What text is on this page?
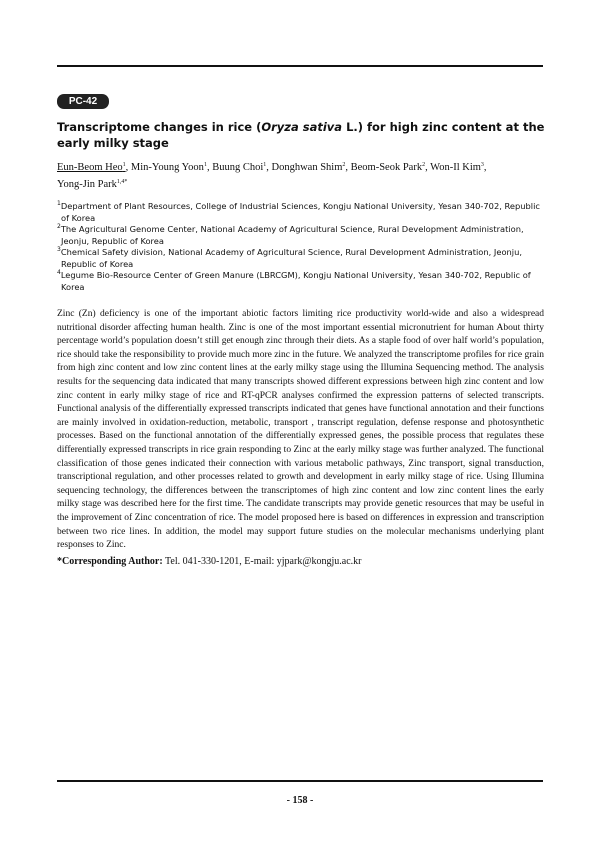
PC-42
Transcriptome changes in rice (Oryza sativa L.) for high zinc content at the early milky stage
Eun-Beom Heo$^1$, Min-Young Yoon$^1$, Buung Choi$^1$, Donghwan Shim$^2$, Beom-Seok Park$^2$, Won-Il Kim$^3$, Yong-Jin Park$^{1,4*}$

$^1$Department of Plant Resources, College of Industrial Sciences, Kongju National University, Yesan 340-702, Republic of Korea

$^2$The Agricultural Genome Center, National Academy of Agricultural Science, Rural Development Administration, Jeonju, Republic of Korea

$^3$Chemical Safety division, National Academy of Agricultural Science, Rural Development Administration, Jeonju, Republic of Korea

$^4$Legume Bio-Resource Center of Green Manure (LBRCGM), Kongju National University, Yesan 340-702, Republic of Korea

Zinc (Zn) deficiency is one of the important abiotic factors limiting rice productivity world-wide and also a widespread nutritional disorder affecting human health. Zinc is one of the most important essential micronutrient for human About thirty percentage world’s population doesn’t still get enough zinc through their diets. As a staple food of over half world’s population, rice should take the responsibility to provide much more zinc in the future. We analyzed the transcriptome profiles for rice grain from high zinc content and low zinc content lines at the early milky stage using the Illumina Sequencing method. The analysis results for the sequencing data indicated that many transcripts showed different expressions between high zinc content and low zinc content in early milky stage of rice and RT-qPCR analyses confirmed the expression patterns of selected transcripts. Functional analysis of the differentially expressed transcripts indicated that genes have functional annotation and their functions are mainly involved in oxidation-reduction, metabolic, transport , transcript regulation, defense response and photosynthetic processes. Based on the functional annotation of the differentially expressed genes, the possible process that regulates these differentially expressed transcripts in rice grain responding to Zinc at the early milky stage was further analyzed. The functional classification of those genes indicated their connection with various metabolic pathways, Zinc transport, signal transduction, transcriptional regulation, and other processes related to growth and development in early milky stage of rice. Using Illumina sequencing technology, the differences between the transcriptomes of high zinc content and low zinc content lines the early milky stage was described here for the first time. The candidate transcripts may provide genetic resources that may be useful in the improvement of Zinc concentration of rice. The model proposed here is based on differences in expression and transcription between two rice lines. In addition, the model may support future studies on the molecular mechanisms underlying plant responses to Zinc.

*Corresponding Author: Tel. 041-330-1201, E-mail: yjpark@kongju.ac.kr
- 158 -
